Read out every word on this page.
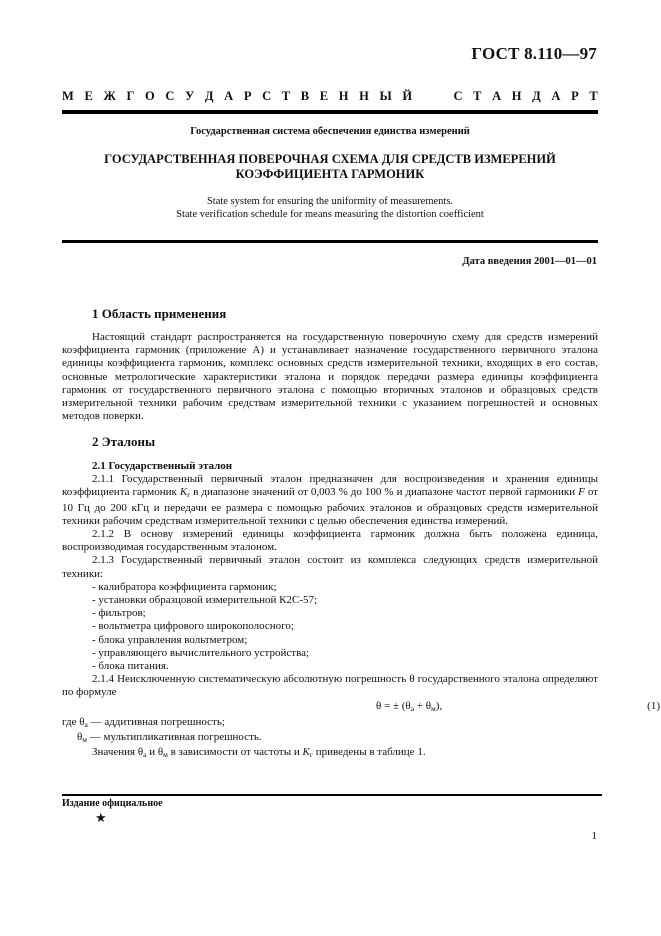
ГОСТ 8.110—97
М Е Ж Г О С У Д А Р С Т В Е Н Н Ы Й	С Т А Н Д А Р Т
Государственная система обеспечения единства измерений
ГОСУДАРСТВЕННАЯ ПОВЕРОЧНАЯ СХЕМА ДЛЯ СРЕДСТВ ИЗМЕРЕНИЙ
КОЭФФИЦИЕНТА ГАРМОНИК
State system for ensuring the uniformity of measurements.
State verification schedule for means measuring the distortion coefficient
Дата введения 2001—01—01
1 Область применения

Настоящий стандарт распространяется на государственную поверочную схему для средств измерений коэффициента гармоник (приложение А) и устанавливает назначение государственного первичного эталона единицы коэффициента гармоник, комплекс основных средств измерительной техники, входящих в его состав, основные метрологические характеристики эталона и порядок передачи размера единицы коэффициента гармоник от государственного первичного эталона с помощью вторичных эталонов и образцовых средств измерительной техники рабочим средствам измерительной техники с указанием погрешностей и основных методов поверки.

2 Эталоны

2.1 Государственный эталон

2.1.1 Государственный первичный эталон предназначен для воспроизведения и хранения единицы коэффициента гармоник $K_г$ в диапазоне значений от 0,003 % до 100 % и диапазоне частот первой гармоники F от 10 Гц до 200 кГц и передачи ее размера с помощью рабочих эталонов и образцовых средств измерительной техники рабочим средствам измерительной техники с целью обеспечения единства измерений.

2.1.2 В основу измерений единицы коэффициента гармоник должна быть положена единица, воспроизводимая государственным эталоном.

2.1.3 Государственный первичный эталон состоит из комплекса следующих средств измерительной техники:

- калибратора коэффициента гармоник;

- установки образцовой измерительной К2С-57;

- фильтров;

- вольтметра цифрового широкополосного;

- блока управления вольтметром;

- управляющего вычислительного устройства;

- блока питания.

2.1.4 Неисключенную систематическую абсолютную погрешность θ государственного эталона определяют по формуле

θ = ± $(\theta_а + \theta_м)$,	(1)

где $\theta_а$ — аддитивная погрешность;

$\theta_м$ — мультипликативная погрешность.

Значения $\theta_а$ и $\theta_м$ в зависимости от частоты и $K_г$ приведены в таблице 1.

Издание официальное
★
1
